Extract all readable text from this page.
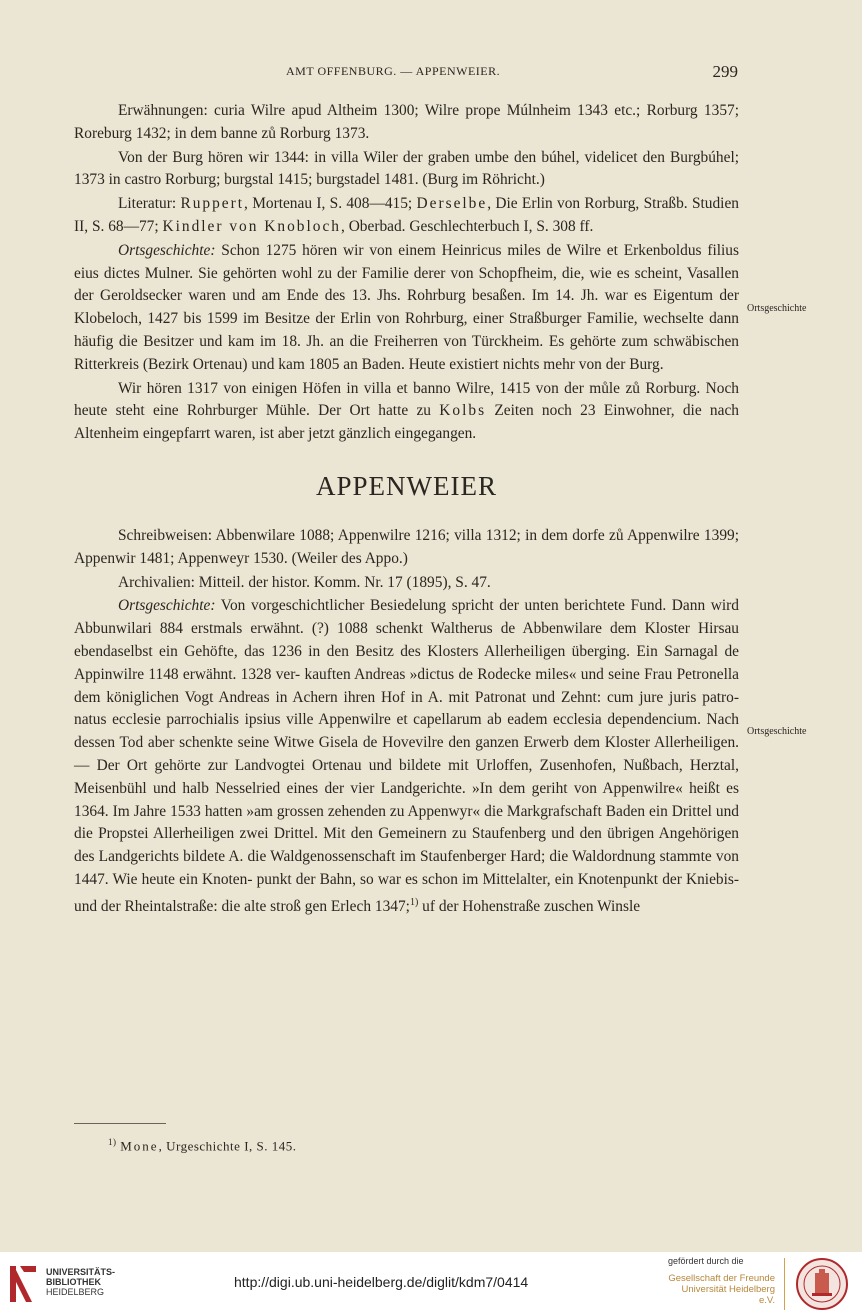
AMT OFFENBURG. — APPENWEIER.	299

Erwähnungen: curia Wilre apud Altheim 1300; Wilre prope Múlnheim 1343 etc.; Rorburg 1357; Roreburg 1432; in dem banne zů Rorburg 1373.

Von der Burg hören wir 1344: in villa Wiler der graben umbe den búhel, videlicet den Burgbúhel; 1373 in castro Rorburg; burgstal 1415; burgstadel 1481. (Burg im Röhricht.)

Literatur: Ruppert, Mortenau I, S. 408—415; Derselbe, Die Erlin von Rorburg, Straßb. Studien II, S. 68—77; Kindler von Knobloch, Oberbad. Geschlechterbuch I, S. 308 ff.

Ortsgeschichte: Schon 1275 hören wir von einem Heinricus miles de Wilre et Erkenboldus filius eius dictes Mulner. Sie gehörten wohl zu der Familie derer von Schopfheim, die, wie es scheint, Vasallen der Geroldsecker waren und am Ende des 13. Jhs. Rohrburg besaßen. Im 14. Jh. war es Eigentum der Klobeloch, 1427 bis 1599 im Besitze der Erlin von Rohrburg, einer Straßburger Familie, wechselte dann häufig die Besitzer und kam im 18. Jh. an die Freiherren von Türckheim. Es gehörte zum schwäbischen Ritterkreis (Bezirk Ortenau) und kam 1805 an Baden. Heute existiert nichts mehr von der Burg.

Wir hören 1317 von einigen Höfen in villa et banno Wilre, 1415 von der můle zů Rorburg. Noch heute steht eine Rohrburger Mühle. Der Ort hatte zu Kolbs Zeiten noch 23 Einwohner, die nach Altenheim eingepfarrt waren, ist aber jetzt gänzlich eingegangen.

APPENWEIER

Schreibweisen: Abbenwilare 1088; Appenwilre 1216; villa 1312; in dem dorfe zů Appenwilre 1399; Appenwir 1481; Appenweyr 1530. (Weiler des Appo.)

Archivalien: Mitteil. der histor. Komm. Nr. 17 (1895), S. 47.

Ortsgeschichte: Von vorgeschichtlicher Besiedelung spricht der unten berichtete Fund. Dann wird Abbunwilari 884 erstmals erwähnt. (?) 1088 schenkt Waltherus de Abbenwilare dem Kloster Hirsau ebendaselbst ein Gehöfte, das 1236 in den Besitz des Klosters Allerheiligen überging. Ein Sarnagal de Appinwilre 1148 erwähnt. 1328 ver- kauften Andreas »dictus de Rodecke miles« und seine Frau Petronella dem königlichen Vogt Andreas in Achern ihren Hof in A. mit Patronat und Zehnt: cum jure juris patro- natus ecclesie parrochialis ipsius ville Appenwilre et capellarum ab eadem ecclesia dependencium. Nach dessen Tod aber schenkte seine Witwe Gisela de Hovevilre den ganzen Erwerb dem Kloster Allerheiligen. — Der Ort gehörte zur Landvogtei Ortenau und bildete mit Urloffen, Zusenhofen, Nußbach, Herztal, Meisenbühl und halb Nesselried eines der vier Landgerichte. »In dem geriht von Appenwilre« heißt es 1364. Im Jahre 1533 hatten »am grossen zehenden zu Appenwyr« die Markgrafschaft Baden ein Drittel und die Propstei Allerheiligen zwei Drittel. Mit den Gemeinern zu Staufenberg und den übrigen Angehörigen des Landgerichts bildete A. die Waldgenossenschaft im Staufenberger Hard; die Waldordnung stammte von 1447. Wie heute ein Knoten- punkt der Bahn, so war es schon im Mittelalter, ein Knotenpunkt der Kniebis- und der Rheintalstraße: die alte stroß gen Erlech 1347;$^{1)}$ uf der Hohenstraße zuschen Winsle

Ortsgeschichte
Ortsgeschichte
$^{1)}$ Mone, Urgeschichte I, S. 145.
UNIVERSITÄTS-
BIBLIOTHEK
HEIDELBERG
http://digi.ub.uni-heidelberg.de/diglit/kdm7/0414
gefördert durch die
Gesellschaft der Freunde
Universität Heidelberg e.V.
